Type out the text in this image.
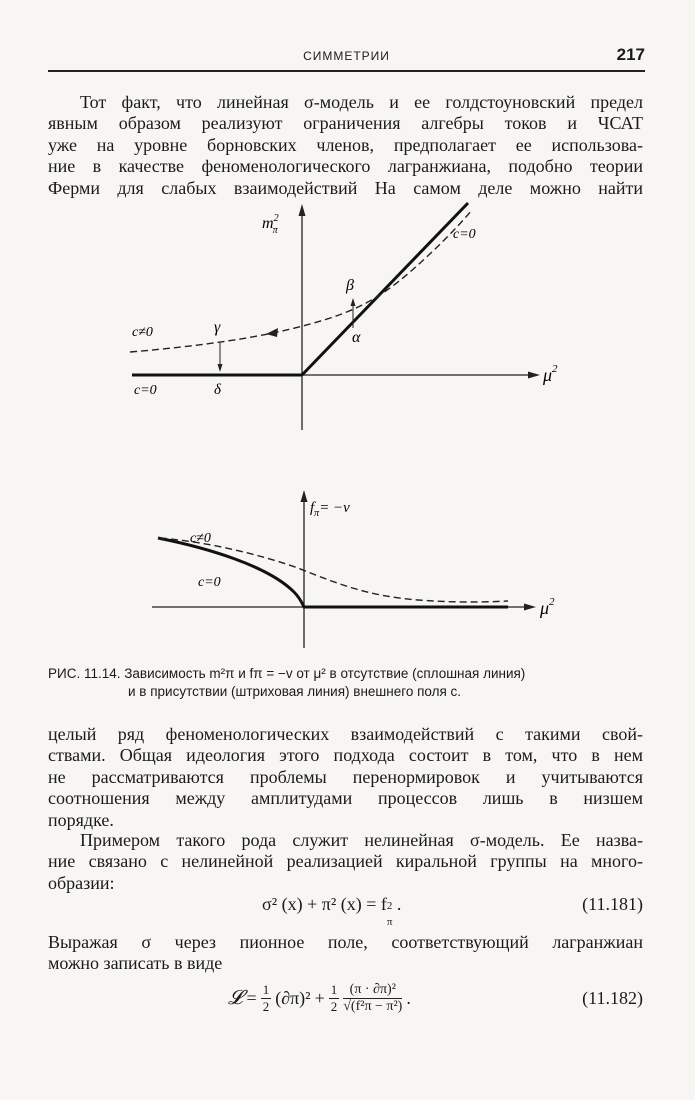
СИММЕТРИИ	217

Тот факт, что линейная σ-модель и ее голдстоуновский предел
явным образом реализуют ограничения алгебры токов и ЧСАТ
уже на уровне борновских членов, предполагает ее использова-
ние в качестве феноменологического лагранжиана, подобно теории
Ферми для слабых взаимодействий На самом деле можно найти

$m^2$ π
$\mu^2$
c=0
c≠0
c=0
β
α
γ
δ
$f_\pi= -v$
$\mu^2$
c≠0
c=0
РИС. 11.14. Зависимость m²π и fπ = −v от μ² в отсутствие (сплошная линия)
и в присутствии (штриховая линия) внешнего поля c.

целый ряд феноменологических взаимодействий с такими свой-
ствами. Общая идеология этого подхода состоит в том, что в нем
не рассматриваются проблемы перенормировок и учитываются
соотношения между амплитудами процессов лишь в низшем
порядке.

Примером такого рода служит нелинейная σ-модель. Ее назва-
ние связано с нелинейной реализацией киральной группы на много-
образии:

σ² (x) + π² (x) = f 2
π
.	(11.181)

Выражая σ через пионное поле, соответствующий лагранжиан
можно записать в виде

𝓛 = $\frac{1}{2} (\partial\pi)^2 + \frac{1}{2} \frac{\text{(π · ∂π)²}}{\text{√(f²π − π²)}}$ .	(11.182)
